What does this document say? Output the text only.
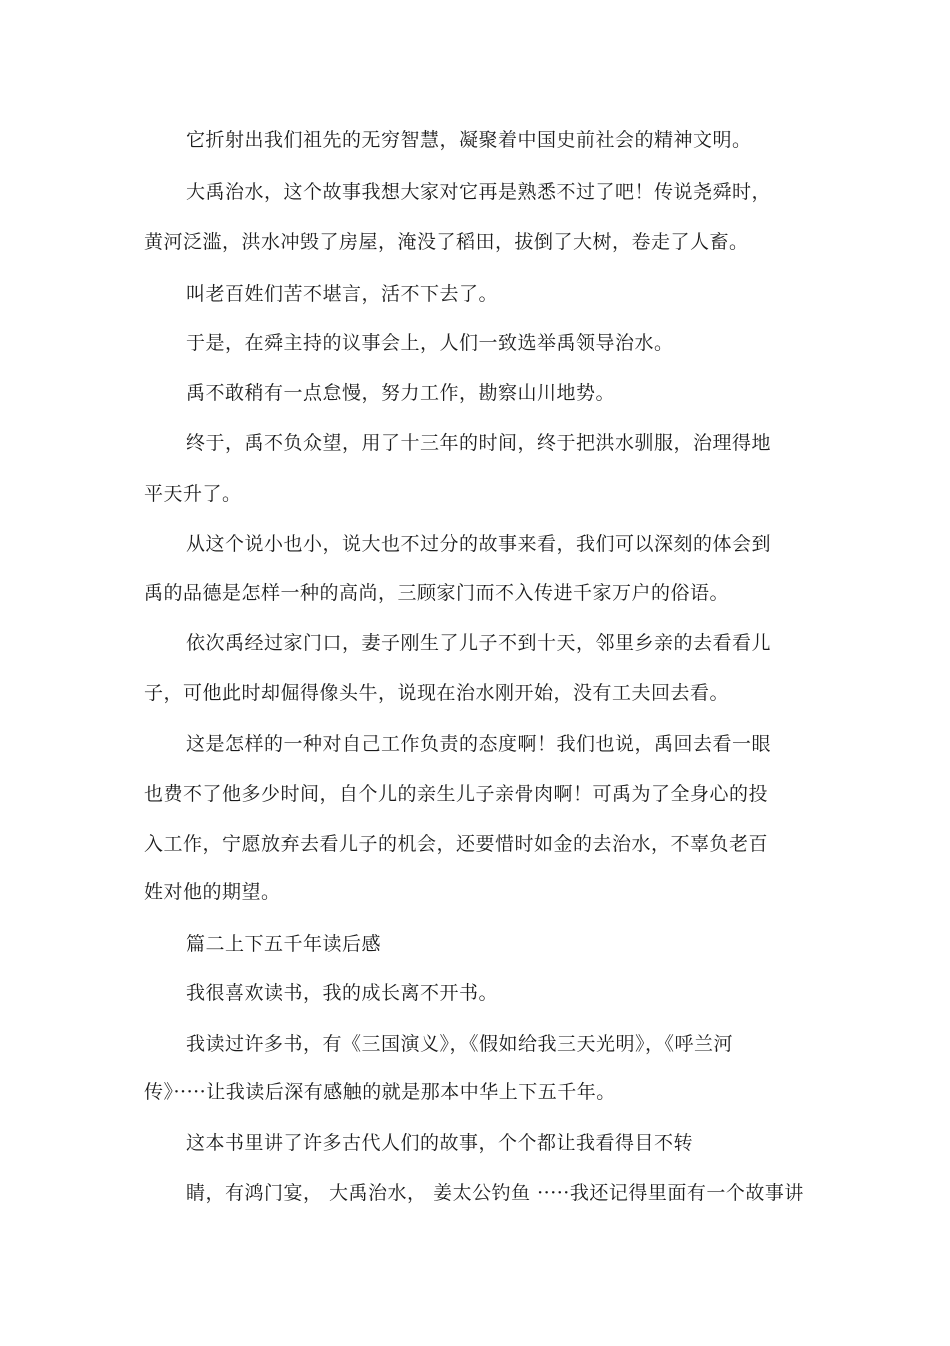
它折射出我们祖先的无穷智慧，凝聚着中国史前社会的精神文明。
大禹治水，这个故事我想大家对它再是熟悉不过了吧！传说尧舜时，
黄河泛滥，洪水冲毁了房屋，淹没了稻田，拔倒了大树，卷走了人畜。
叫老百姓们苦不堪言，活不下去了。
于是，在舜主持的议事会上，人们一致选举禹领导治水。
禹不敢稍有一点怠慢，努力工作，勘察山川地势。
终于，禹不负众望，用了十三年的时间，终于把洪水驯服，治理得地
平天升了。
从这个说小也小，说大也不过分的故事来看，我们可以深刻的体会到
禹的品德是怎样一种的高尚，三顾家门而不入传进千家万户的俗语。
依次禹经过家门口，妻子刚生了儿子不到十天，邻里乡亲的去看看儿
子，可他此时却倔得像头牛，说现在治水刚开始，没有工夫回去看。
这是怎样的一种对自己工作负责的态度啊！我们也说，禹回去看一眼
也费不了他多少时间，自个儿的亲生儿子亲骨肉啊！可禹为了全身心的投
入工作，宁愿放弃去看儿子的机会，还要惜时如金的去治水，不辜负老百
姓对他的期望。
篇二上下五千年读后感
我很喜欢读书，我的成长离不开书。
我读过许多书，有《三国演义》，《假如给我三天光明》，《呼兰河
传》·····让我读后深有感触的就是那本中华上下五千年。
这本书里讲了许多古代人们的故事，个个都让我看得目不转
睛，有鸿门宴， 大禹治水， 姜太公钓鱼 ·····我还记得里面有一个故事讲
